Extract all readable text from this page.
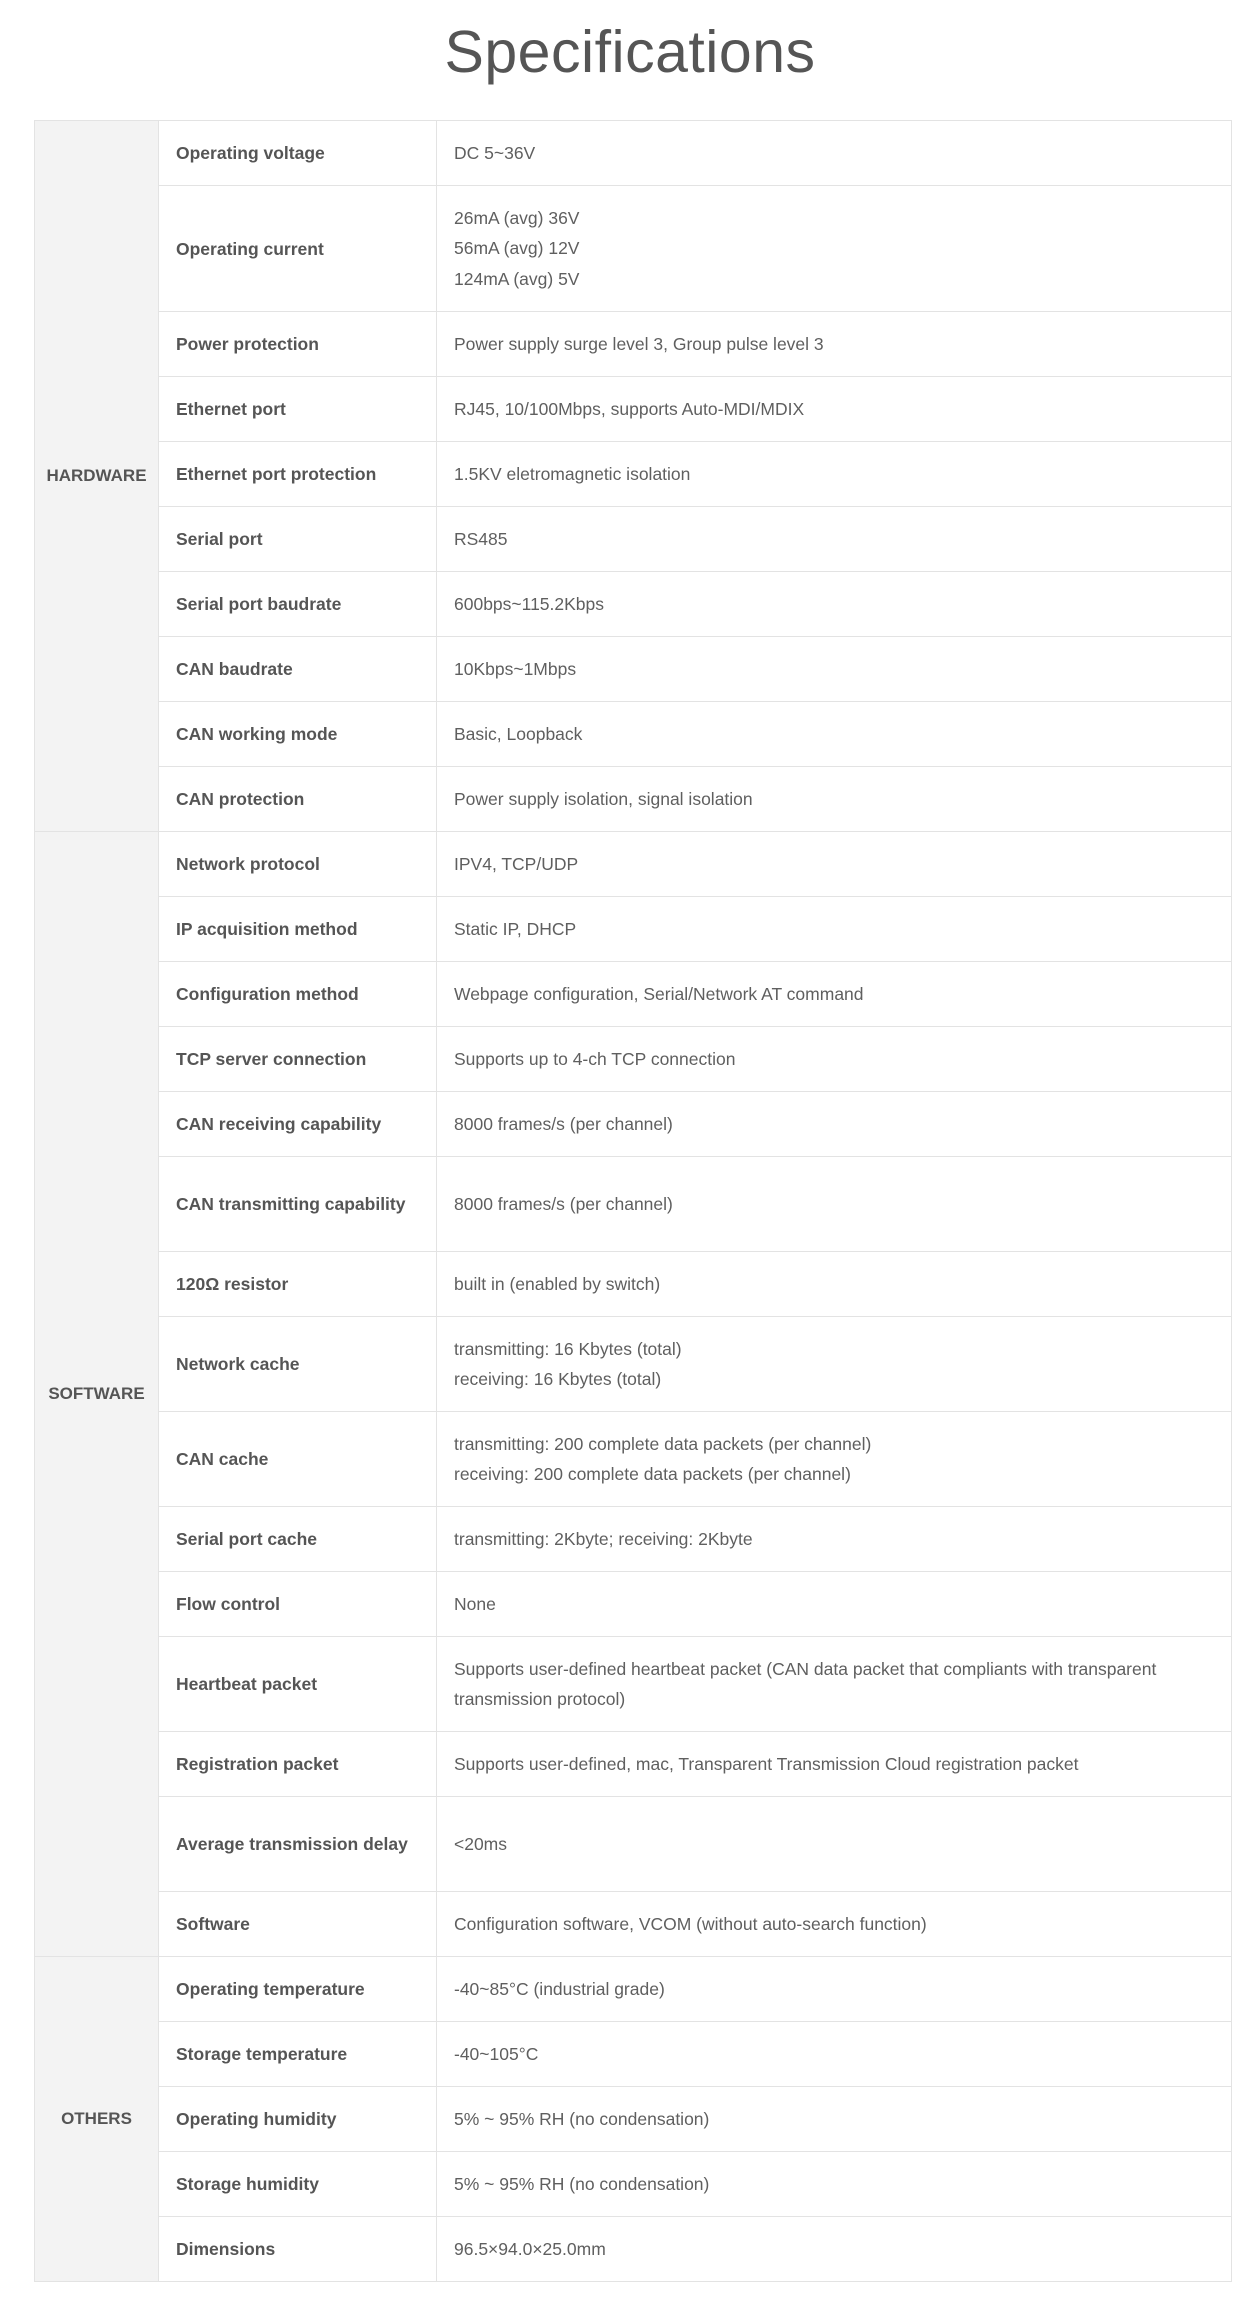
Specifications
HARDWARE	Operating voltage	DC 5~36V

	Operating current	26mA (avg) 36V
56mA (avg) 12V
124mA (avg) 5V

	Power protection	Power supply surge level 3, Group pulse level 3

	Ethernet port	RJ45, 10/100Mbps, supports Auto-MDI/MDIX

	Ethernet port protection	1.5KV eletromagnetic isolation

	Serial port	RS485

	Serial port baudrate	600bps~115.2Kbps

	CAN baudrate	10Kbps~1Mbps

	CAN working mode	Basic, Loopback

	CAN protection	Power supply isolation, signal isolation

SOFTWARE	Network protocol	IPV4, TCP/UDP

	IP acquisition method	Static IP, DHCP

	Configuration method	Webpage configuration, Serial/Network AT command

	TCP server connection	Supports up to 4-ch TCP connection

	CAN receiving capability	8000 frames/s (per channel)

	CAN transmitting capability	8000 frames/s (per channel)

	120Ω resistor	built in (enabled by switch)

	Network cache	transmitting: 16 Kbytes (total)
receiving: 16 Kbytes (total)

	CAN cache	transmitting: 200 complete data packets (per channel)
receiving: 200 complete data packets (per channel)

	Serial port cache	transmitting: 2Kbyte; receiving: 2Kbyte

	Flow control	None

	Heartbeat packet	Supports user-defined heartbeat packet (CAN data packet that compliants with transparent transmission protocol)

	Registration packet	Supports user-defined, mac, Transparent Transmission Cloud registration packet

	Average transmission delay	<20ms

	Software	Configuration software, VCOM (without auto-search function)

OTHERS	Operating temperature	-40~85°C (industrial grade)

	Storage temperature	-40~105°C

	Operating humidity	5% ~ 95% RH (no condensation)

	Storage humidity	5% ~ 95% RH (no condensation)

	Dimensions	96.5×94.0×25.0mm
